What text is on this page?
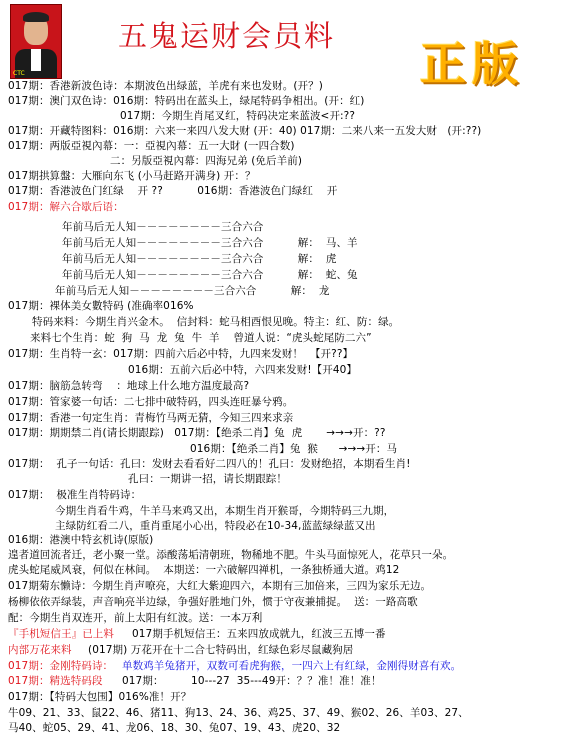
CTC
五鬼运财会员料
正版
017期：香港新波色诗：本期波色出绿蓝，羊虎有来也发财。(开？)
017期：澳门双色诗：016期：特码出在蓝头上，绿尾特码争相出。(开：红)
017期：今期生肖尾叉红，特码决定来蓝波<开:??
017期：开藏特图料：016期：六来一来四八发大财 (开：40) 017期：二来八来一五发大财   (开:??)
017期：两版亞視內幕：一：亞視內幕：五一大財 (一四合数)
二：另版亞視內幕：四海兄弟 (免后羊前)
017期拱算盤：大雁向东飞 (小马赶路开满身) 开：？
017期：香港波色门红绿    开 ??          016期：香港波色门绿红    开
017期：解六合歇后语：
年前马后无人知－－－－－－－－三合六合
年前马后无人知－－－－－－－－三合六合          解：  马、羊
年前马后无人知－－－－－－－－三合六合          解：  虎
年前马后无人知－－－－－－－－三合六合          解：  蛇、兔
年前马后无人知－－－－－－－－三合六合          解：  龙
017期：裸体美女數特码 (准确率016%
特码来料：今期生肖兴金木。  信封料：蛇马相酉恨见晚。特主：红、防：绿。
来料七个生肖：蛇  狗  马  龙  兔  牛  羊    曾道人说：“虎头蛇尾防二六”
017期：生肖特一玄：017期：四前六后必中特，九四来发财！  【开??】
016期：五前六后必中特，六四来发财!【开40】
017期：脑筋急转弯    ：地球上什么地方温度最高?
017期：管家婆一句话：二七排中破特码，四头连旺暴兮鸦。
017期：香港一句定生肖：青梅竹马两无猜，今知三四来求亲
017期：期期禁二肖(请长期跟踪)   017期：【绝杀二肖】兔  虎       →→→开：??
016期：【绝杀二肖】兔  猴      →→→开：马
017期：  孔子一句话：孔曰：发财去看看好二四八的！孔曰：发财绝招，本期看生肖!
孔曰：一期讲一招，请长期跟踪！
017期：  极准生肖特码诗：
今期生肖看牛鸡，牛羊马来鸡又出，本期生肖开猴哥，今期特码三九期，
主绿防红看二八，重肖重尾小心出，特段必在10-34,蓝蓝绿绿蓝又出
016期：港澳中特玄机诗(原版)
遑者道回流者迁，老小聚一堂。添酸荡垢清朝班，物稀地不肥。牛头马面惊死人，花草只一朵。
虎头蛇尾威风衰，何似在林间。  本期送：一六破解四禅机，一条独桥通大道。鸡12
017期菊东懒诗：今期生肖声嘹亮，大红大紫迎四六，本期有三加倍来，三四为家乐无边。
杨柳依依弄绿装，声音响亮半边绿，争强好胜地门外，惯于守夜兼捕捉。  送：一路高歌
配：今期生肖双连开，前上太阳有红波。送：一本万利
『手机短信王』已上料 017期手机短信王：五来四放成就九，红波三五博一番
内部万花来料 (017期) 万花开在十二合七特码出，红绿色彩尽鼠藏狗居
017期：金刚特码诗： 单数鸡羊兔猪开，双数可看虎狗猴，一四六上有红绿，金刚得财喜有欢。
017期：精选特码段 017期：        10---27  35---49开：？？准！准！准！
017期：【特码大包围】016%准！开？
牛09、21、33、鼠22、46、猪11、狗13、24、36、鸡25、37、49、猴02、26、羊03、27、
马40、蛇05、29、41、龙06、18、30、兔07、19、43、虎20、32
